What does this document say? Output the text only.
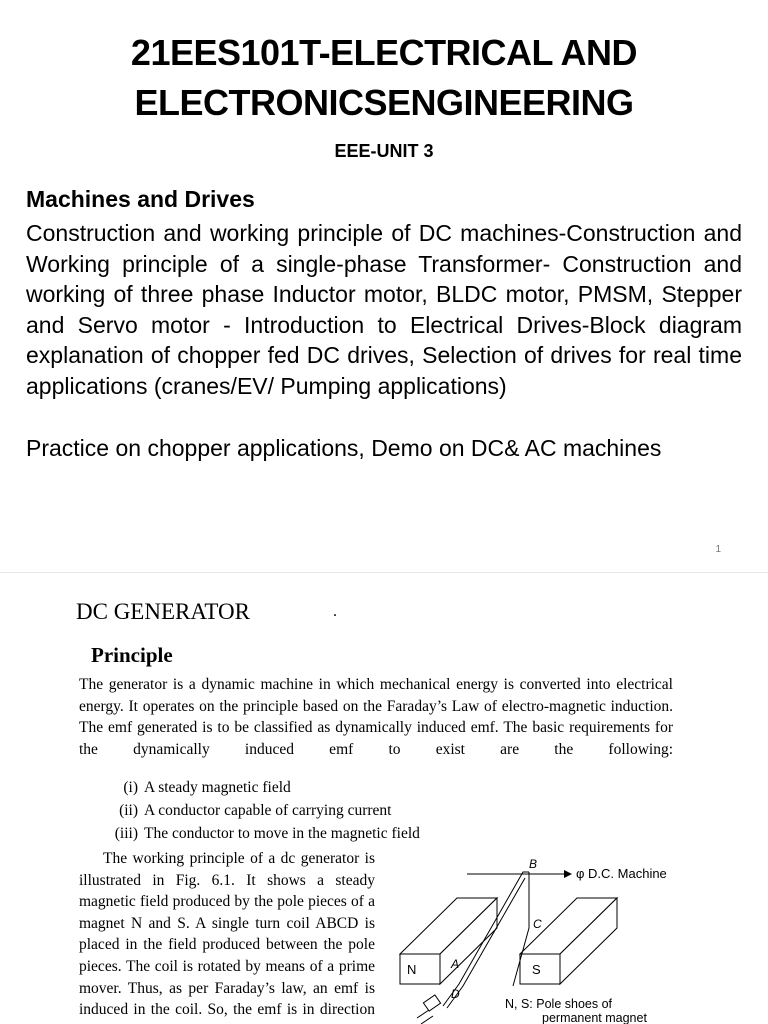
21EES101T-ELECTRICAL AND
ELECTRONICSENGINEERING
EEE-UNIT 3
Machines and Drives
Construction and working principle of DC machines-Construction and Working principle of a single-phase Transformer- Construction and working of three phase Inductor motor, BLDC motor, PMSM, Stepper and Servo motor - Introduction to Electrical Drives-Block diagram explanation of chopper fed DC drives, Selection of drives for real time applications (cranes/EV/ Pumping applications)
Practice on chopper applications, Demo on DC& AC machines
1
DC GENERATOR	.
Principle
The generator is a dynamic machine in which mechanical energy is converted into electrical energy. It operates on the principle based on the Faraday’s Law of electro-magnetic induction. The emf generated is to be classified as dynamically induced emf. The basic requirements for the dynamically induced emf to exist are the following:
(i) A steady magnetic field
(ii) A conductor capable of carrying current
(iii) The conductor to move in the magnetic field
The working principle of a dc generator is illustrated in Fig. 6.1. It shows a steady magnetic field produced by the pole pieces of a magnet N and S. A single turn coil ABCD is placed in the field produced between the pole pieces. The coil is rotated by means of a prime mover. Thus, as per Faraday’s law, an emf is induced in the coil. So, the emf is in direction
φ D.C. Machine
N	S
A
B
C
D
N, S: Pole shoes of
permanent magnet
